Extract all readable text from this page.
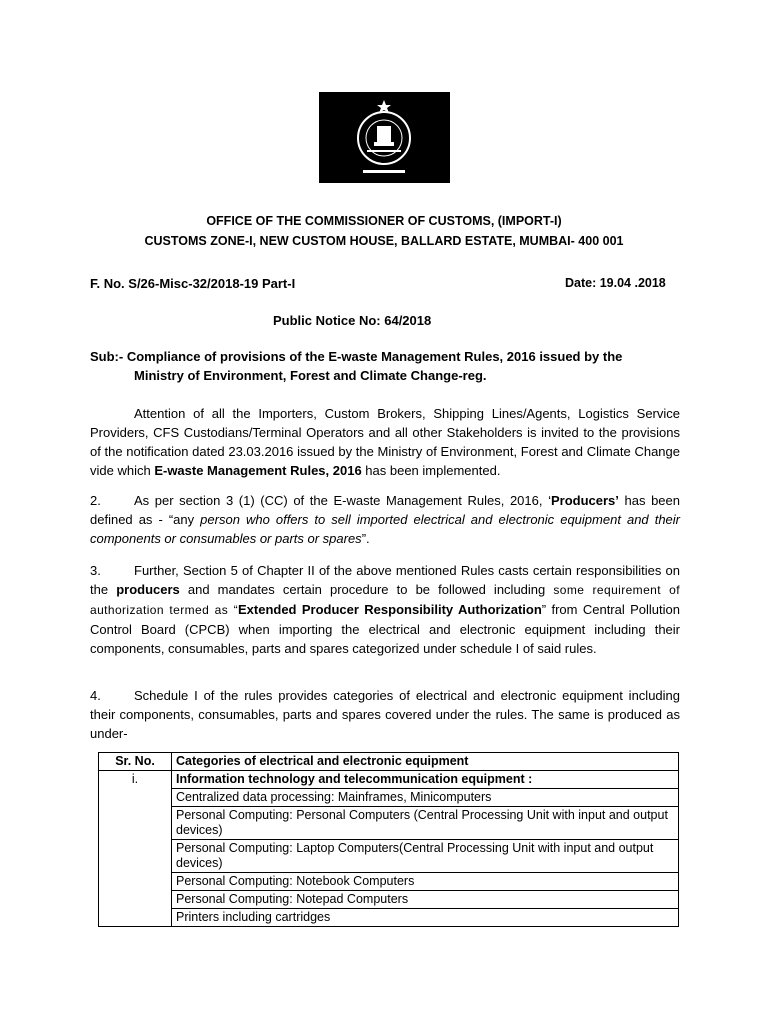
OFFICE OF THE COMMISSIONER OF CUSTOMS, (IMPORT-I)
CUSTOMS ZONE-I, NEW CUSTOM HOUSE, BALLARD ESTATE, MUMBAI- 400 001
F. No. S/26-Misc-32/2018-19 Part-I	Date: 19.04 .2018
Public Notice No: 64/2018
Sub:- Compliance of provisions of the E-waste Management Rules, 2016 issued by the
Ministry of Environment, Forest and Climate Change-reg.
Attention of all the Importers, Custom Brokers, Shipping Lines/Agents, Logistics Service Providers, CFS Custodians/Terminal Operators and all other Stakeholders is invited to the provisions of the notification dated 23.03.2016 issued by the Ministry of Environment, Forest and Climate Change vide which E-waste Management Rules, 2016 has been implemented.
2.	As per section 3 (1) (CC) of the E-waste Management Rules, 2016, ‘Producers’ has been defined as - “any person who offers to sell imported electrical and electronic equipment and their components or consumables or parts or spares”.
3.	Further, Section 5 of Chapter II of the above mentioned Rules casts certain responsibilities on the producers and mandates certain procedure to be followed including some requirement of authorization termed as “Extended Producer Responsibility Authorization” from Central Pollution Control Board (CPCB) when importing the electrical and electronic equipment including their components, consumables, parts and spares categorized under schedule I of said rules.
4.	Schedule I of the rules provides categories of electrical and electronic equipment including their components, consumables, parts and spares covered under the rules. The same is produced as under-
Sr. No.	Categories of electrical and electronic equipment
i.	Information technology and telecommunication equipment :
	Centralized data processing: Mainframes, Minicomputers
	Personal Computing: Personal Computers (Central Processing Unit with input and output devices)
	Personal Computing: Laptop Computers(Central Processing Unit with input and output devices)
	Personal Computing: Notebook Computers
	Personal Computing: Notepad Computers
	Printers including cartridges
